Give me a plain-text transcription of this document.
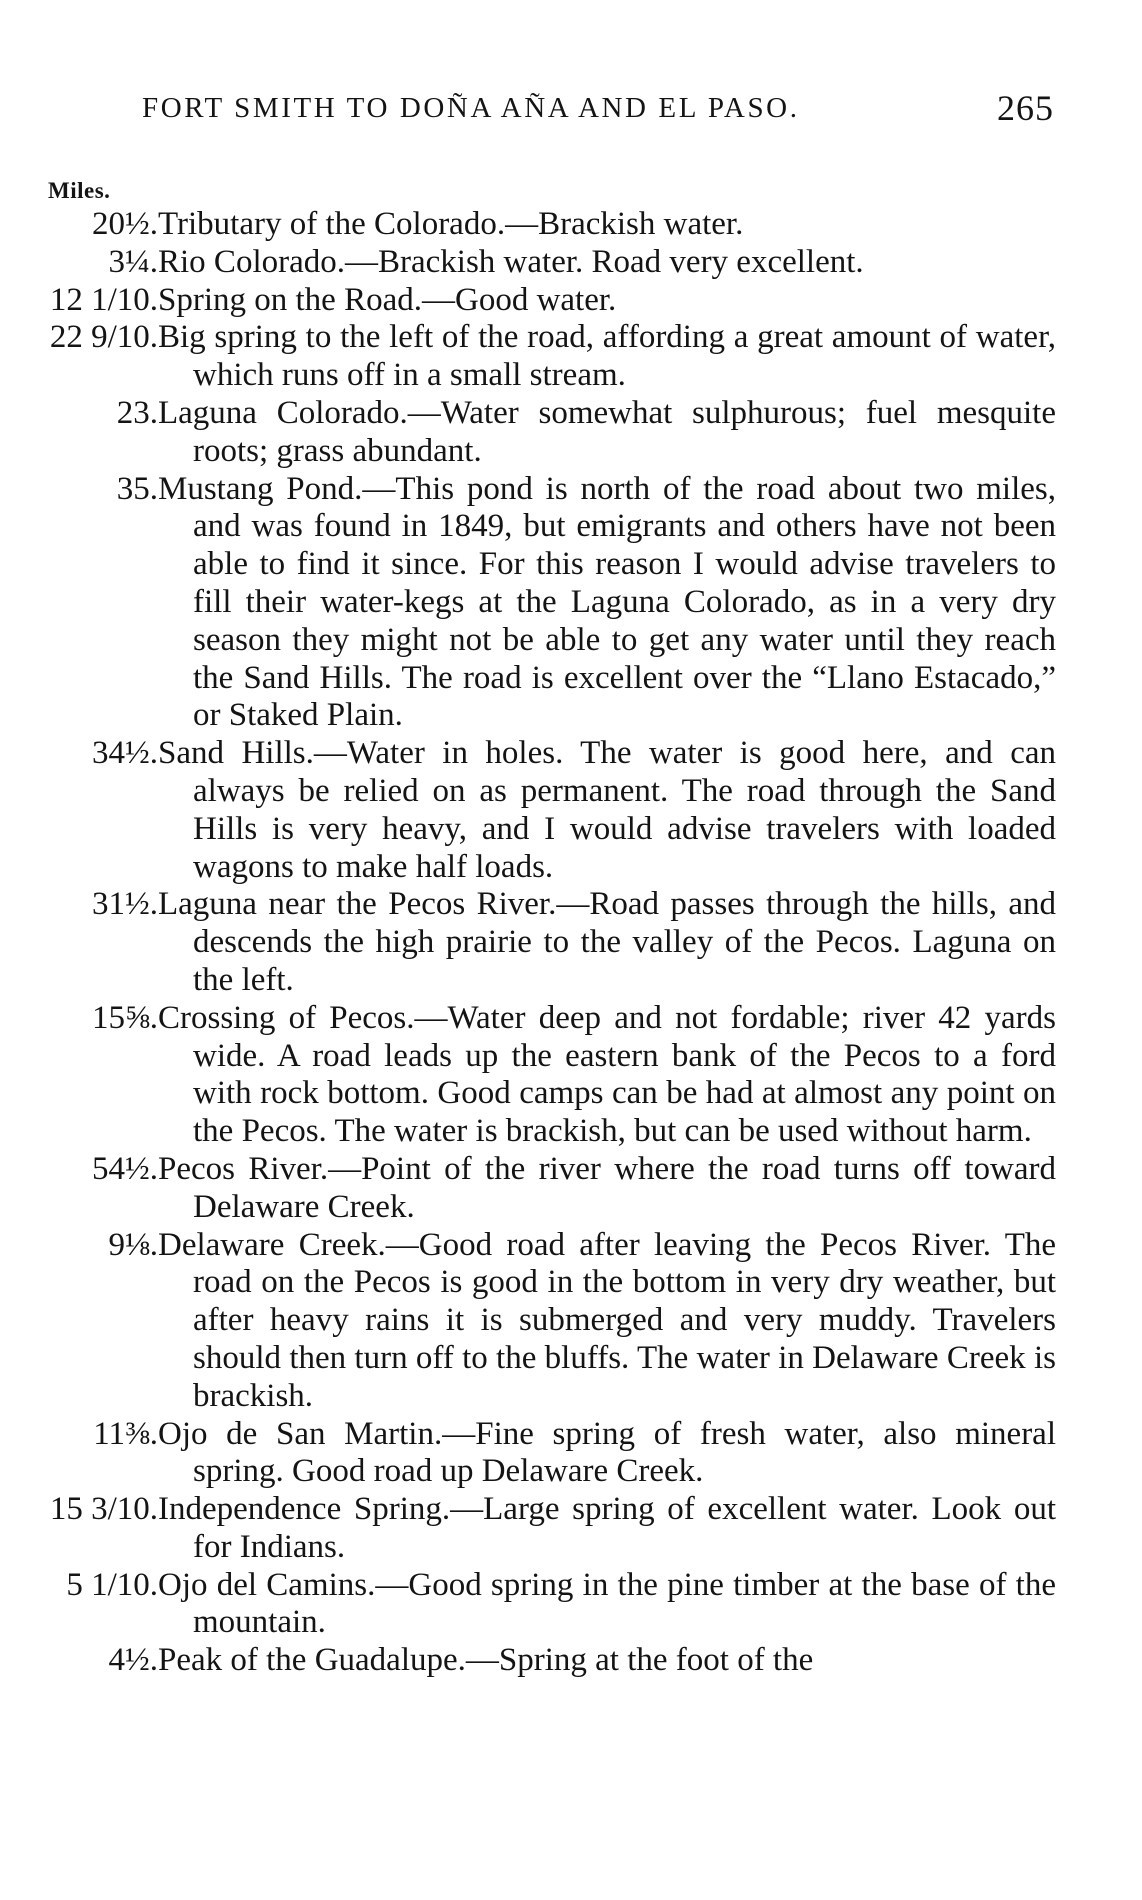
FORT SMITH TO DOÑA AÑA AND EL PASO.	265
Miles.
20½. Tributary of the Colorado.—Brackish water.
3¼. Rio Colorado.—Brackish water. Road very excellent.
12 1/10. Spring on the Road.—Good water.
22 9/10. Big spring to the left of the road, affording a great amount of water, which runs off in a small stream.
23. Laguna Colorado.—Water somewhat sulphurous; fuel mesquite roots; grass abundant.
35. Mustang Pond.—This pond is north of the road about two miles, and was found in 1849, but emigrants and others have not been able to find it since. For this reason I would advise travelers to fill their water-kegs at the Laguna Colorado, as in a very dry season they might not be able to get any water until they reach the Sand Hills. The road is excellent over the “Llano Estacado,” or Staked Plain.
34½. Sand Hills.—Water in holes. The water is good here, and can always be relied on as permanent. The road through the Sand Hills is very heavy, and I would advise travelers with loaded wagons to make half loads.
31½. Laguna near the Pecos River.—Road passes through the hills, and descends the high prairie to the valley of the Pecos. Laguna on the left.
15⅝. Crossing of Pecos.—Water deep and not fordable; river 42 yards wide. A road leads up the eastern bank of the Pecos to a ford with rock bottom. Good camps can be had at almost any point on the Pecos. The water is brackish, but can be used without harm.
54½. Pecos River.—Point of the river where the road turns off toward Delaware Creek.
9⅛. Delaware Creek.—Good road after leaving the Pecos River. The road on the Pecos is good in the bottom in very dry weather, but after heavy rains it is submerged and very muddy. Travelers should then turn off to the bluffs. The water in Delaware Creek is brackish.
11⅜. Ojo de San Martin.—Fine spring of fresh water, also mineral spring. Good road up Delaware Creek.
15 3/10. Independence Spring.—Large spring of excellent water. Look out for Indians.
5 1/10. Ojo del Camins.—Good spring in the pine timber at the base of the mountain.
4½. Peak of the Guadalupe.—Spring at the foot of the
